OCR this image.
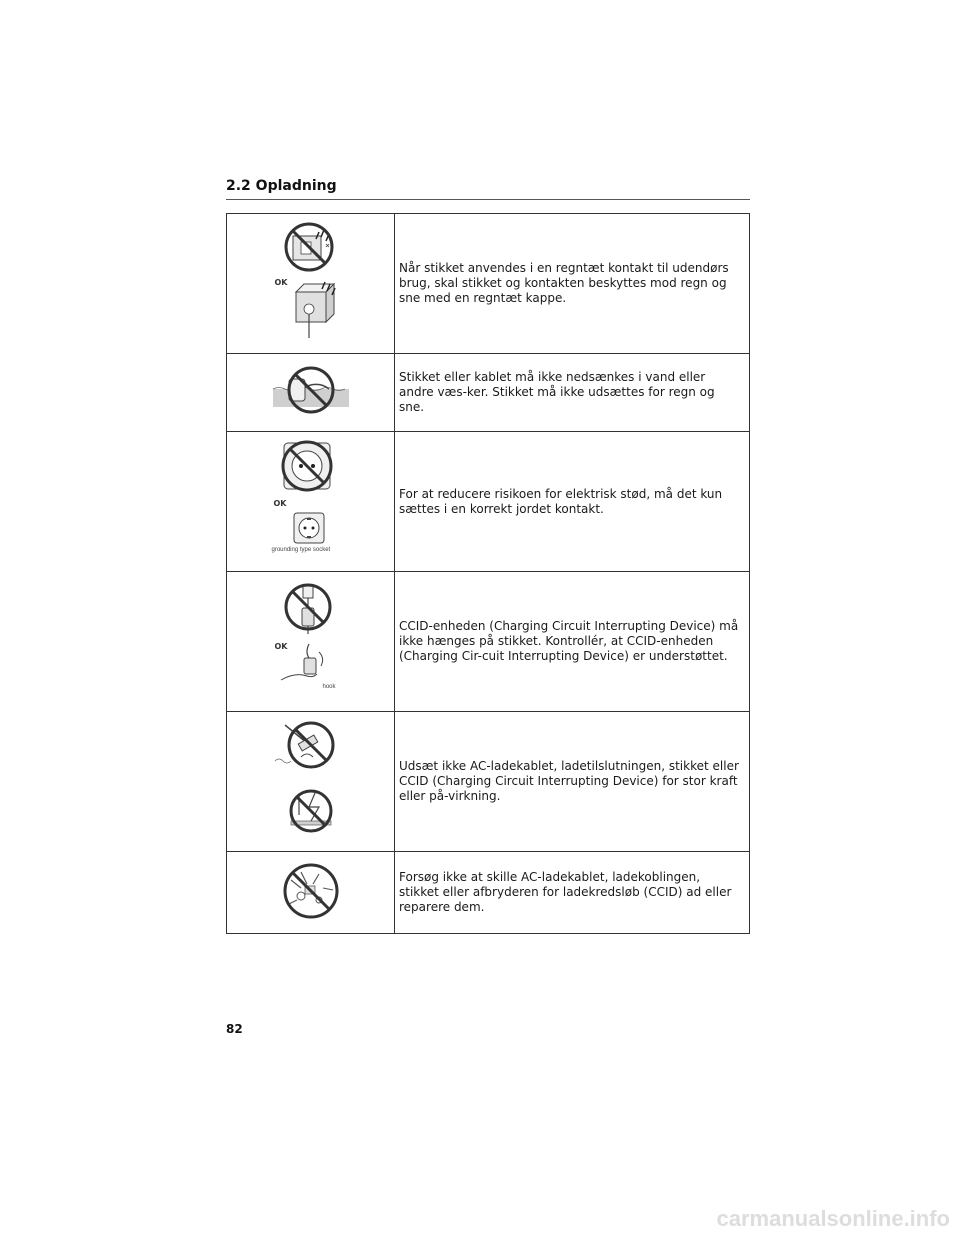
2.2 Opladning
OK	Når stikket anvendes i en regntæt kontakt til udendørs brug, skal stikket og kontakten beskyttes mod regn og sne med en regntæt kappe.
	Stikket eller kablet må ikke nedsænkes i vand eller andre væs-ker. Stikket må ikke udsættes for regn og sne.

OK
grounding type socket	For at reducere risikoen for elektrisk stød, må det kun sættes i en korrekt jordet kontakt.

OK
hook	CCID-enheden (Charging Circuit Interrupting Device) må ikke hænges på stikket. Kontrollér, at CCID-enheden (Charging Cir-cuit Interrupting Device) er understøttet.
	Udsæt ikke AC-ladekablet, ladetilslutningen, stikket eller CCID (Charging Circuit Interrupting Device) for stor kraft eller på-virkning.
	Forsøg ikke at skille AC-ladekablet, ladekoblingen, stikket eller afbryderen for ladekredsløb (CCID) ad eller reparere dem.

82

carmanualsonline.info
